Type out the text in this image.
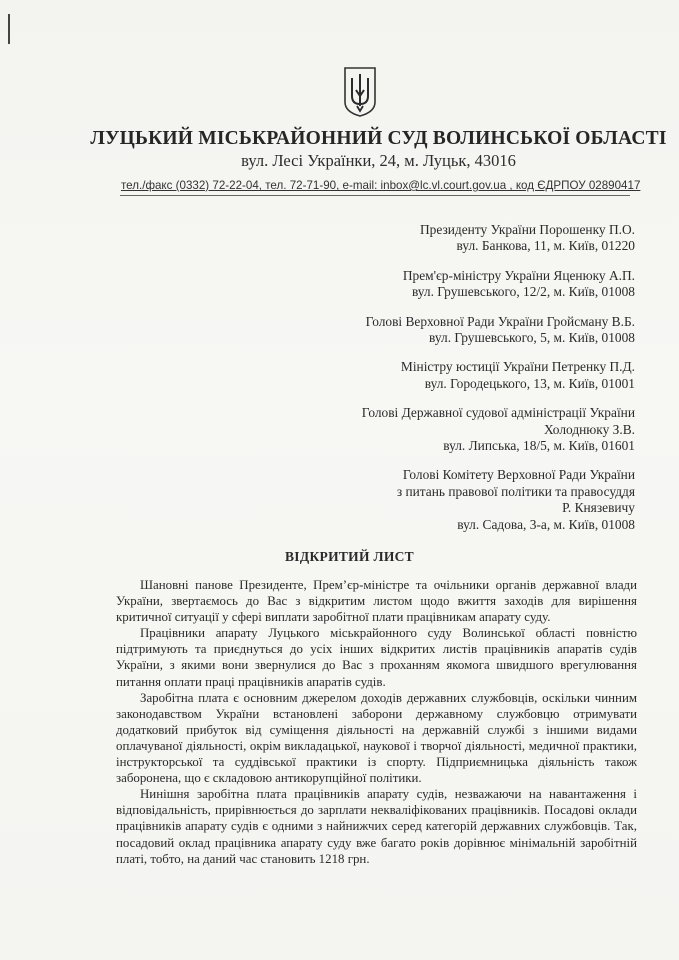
ЛУЦЬКИЙ МІСЬКРАЙОННИЙ СУД ВОЛИНСЬКОЇ ОБЛАСТІ
вул. Лесі Українки, 24, м. Луцьк, 43016
тел./факс (0332) 72-22-04, тел. 72-71-90, e-mail: inbox@lc.vl.court.gov.ua , код ЄДРПОУ 02890417
Президенту України Порошенку П.О.
вул. Банкова, 11, м. Київ, 01220
Прем'єр-міністру України Яценюку А.П.
вул. Грушевського, 12/2, м. Київ, 01008
Голові Верховної Ради України Гройсману В.Б.
вул. Грушевського, 5, м. Київ, 01008
Міністру юстиції України Петренку П.Д.
вул. Городецького, 13, м. Київ, 01001
Голові Державної судової адміністрації України
Холоднюку З.В.
вул. Липська, 18/5, м. Київ, 01601
Голові Комітету Верховної Ради України
з питань правової політики та правосуддя
Р. Князевичу
вул. Садова, 3-а, м. Київ, 01008
ВІДКРИТИЙ ЛИСТ

Шановні панове Президенте, Прем’єр-міністре та очільники органів державної влади України, звертаємось до Вас з відкритим листом щодо вжиття заходів для вирішення критичної ситуації у сфері виплати заробітної плати працівникам апарату суду.

Працівники апарату Луцького міськрайонного суду Волинської області повністю підтримують та приєднуться до усіх інших відкритих листів працівників апаратів судів України, з якими вони звернулися до Вас з проханням якомога швидшого врегулювання питання оплати праці працівників апаратів судів.

Заробітна плата є основним джерелом доходів державних службовців, оскільки чинним законодавством України встановлені заборони державному службовцю отримувати додатковий прибуток від суміщення діяльності на державній службі з іншими видами оплачуваної діяльності, окрім викладацької, наукової і творчої діяльності, медичної практики, інструкторської та суддівської практики із спорту. Підприємницька діяльність також заборонена, що є складовою антикорупційної політики.

Нинішня заробітна плата працівників апарату судів, незважаючи на навантаження і відповідальність, прирівнюється до зарплати некваліфікованих працівників. Посадові оклади працівників апарату судів є одними з найнижчих серед категорій державних службовців. Так, посадовий оклад працівника апарату суду вже багато років дорівнює мінімальній заробітній платі, тобто, на даний час становить 1218 грн.
